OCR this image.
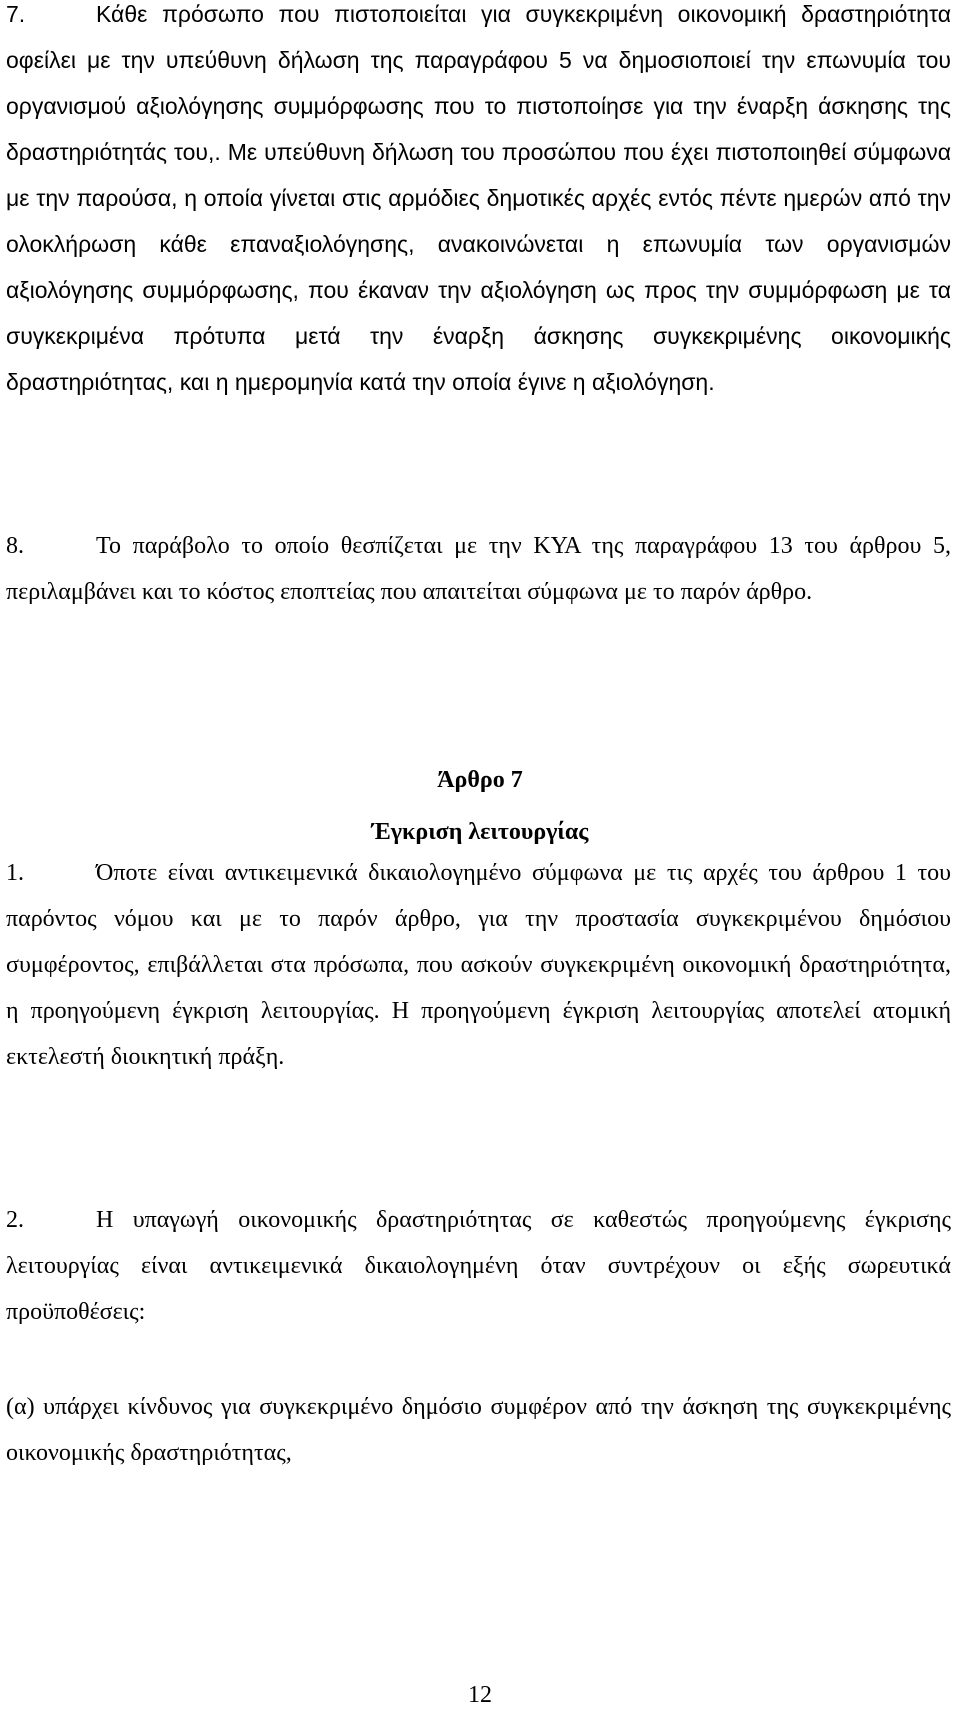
7.	Κάθε πρόσωπο που πιστοποιείται για συγκεκριμένη οικονομική δραστηριότητα οφείλει με την υπεύθυνη δήλωση της παραγράφου 5 να δημοσιοποιεί την επωνυμία του οργανισμού αξιολόγησης συμμόρφωσης που το πιστοποίησε για την έναρξη άσκησης της δραστηριότητάς του,. Με υπεύθυνη δήλωση του προσώπου που έχει πιστοποιηθεί σύμφωνα με την παρούσα, η οποία γίνεται στις αρμόδιες δημοτικές αρχές εντός πέντε ημερών από την ολοκλήρωση κάθε επαναξιολόγησης, ανακοινώνεται η επωνυμία των οργανισμών αξιολόγησης συμμόρφωσης, που έκαναν την αξιολόγηση ως προς την συμμόρφωση με τα συγκεκριμένα πρότυπα μετά την έναρξη άσκησης συγκεκριμένης οικονομικής δραστηριότητας, και η ημερομηνία κατά την οποία έγινε η αξιολόγηση.

8.	Το παράβολο το οποίο θεσπίζεται με την ΚΥΑ της παραγράφου 13 του άρθρου 5, περιλαμβάνει και το κόστος εποπτείας που απαιτείται σύμφωνα με το παρόν άρθρο.

Άρθρο 7
Έγκριση λειτουργίας

1.	Όποτε είναι αντικειμενικά δικαιολογημένο σύμφωνα με τις αρχές του άρθρου 1 του παρόντος νόμου και με το παρόν άρθρο, για την προστασία συγκεκριμένου δημόσιου συμφέροντος, επιβάλλεται στα πρόσωπα, που ασκούν συγκεκριμένη οικονομική δραστηριότητα, η προηγούμενη έγκριση λειτουργίας. Η προηγούμενη έγκριση λειτουργίας αποτελεί ατομική εκτελεστή διοικητική πράξη.

2.	Η υπαγωγή οικονομικής δραστηριότητας σε καθεστώς προηγούμενης έγκρισης λειτουργίας είναι αντικειμενικά δικαιολογημένη όταν συντρέχουν οι εξής σωρευτικά προϋποθέσεις:

(α) υπάρχει κίνδυνος για συγκεκριμένο δημόσιο συμφέρον από την άσκηση της συγκεκριμένης οικονομικής δραστηριότητας,

12
